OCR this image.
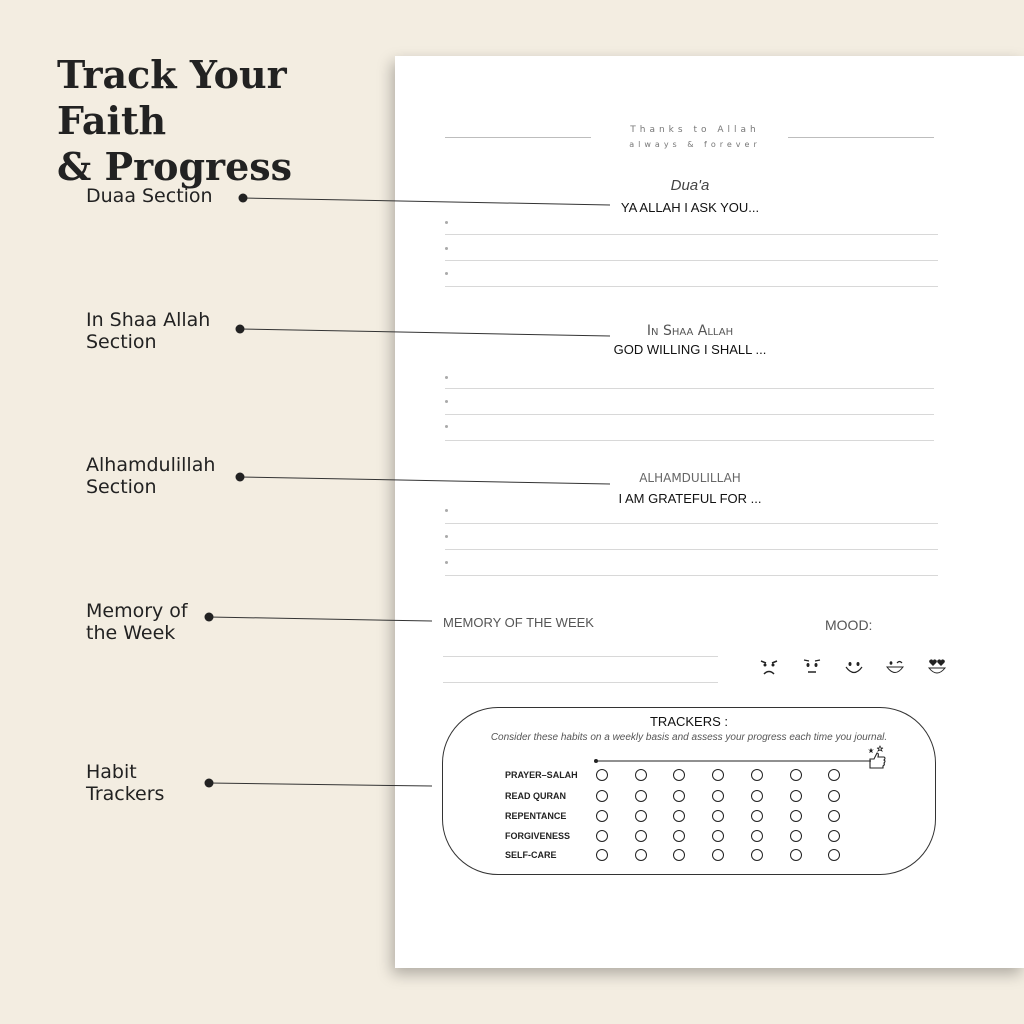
Track Your Faith
& Progress
Duaa Section
In Shaa Allah
Section
Alhamdulillah
Section
Memory of
the Week
Habit
Trackers
Thanks to Allah
always & forever
Dua'a
YA ALLAH I ASK YOU...
In Shaa Allah
GOD WILLING I SHALL ...
ALHAMDULILLAH
I AM GRATEFUL FOR ...
MEMORY OF THE WEEK	MOOD:
TRACKERS :
Consider these habits on a weekly basis and assess your progress each time you journal.
PRAYER–SALAH
READ QURAN
REPENTANCE
FORGIVENESS
SELF-CARE
